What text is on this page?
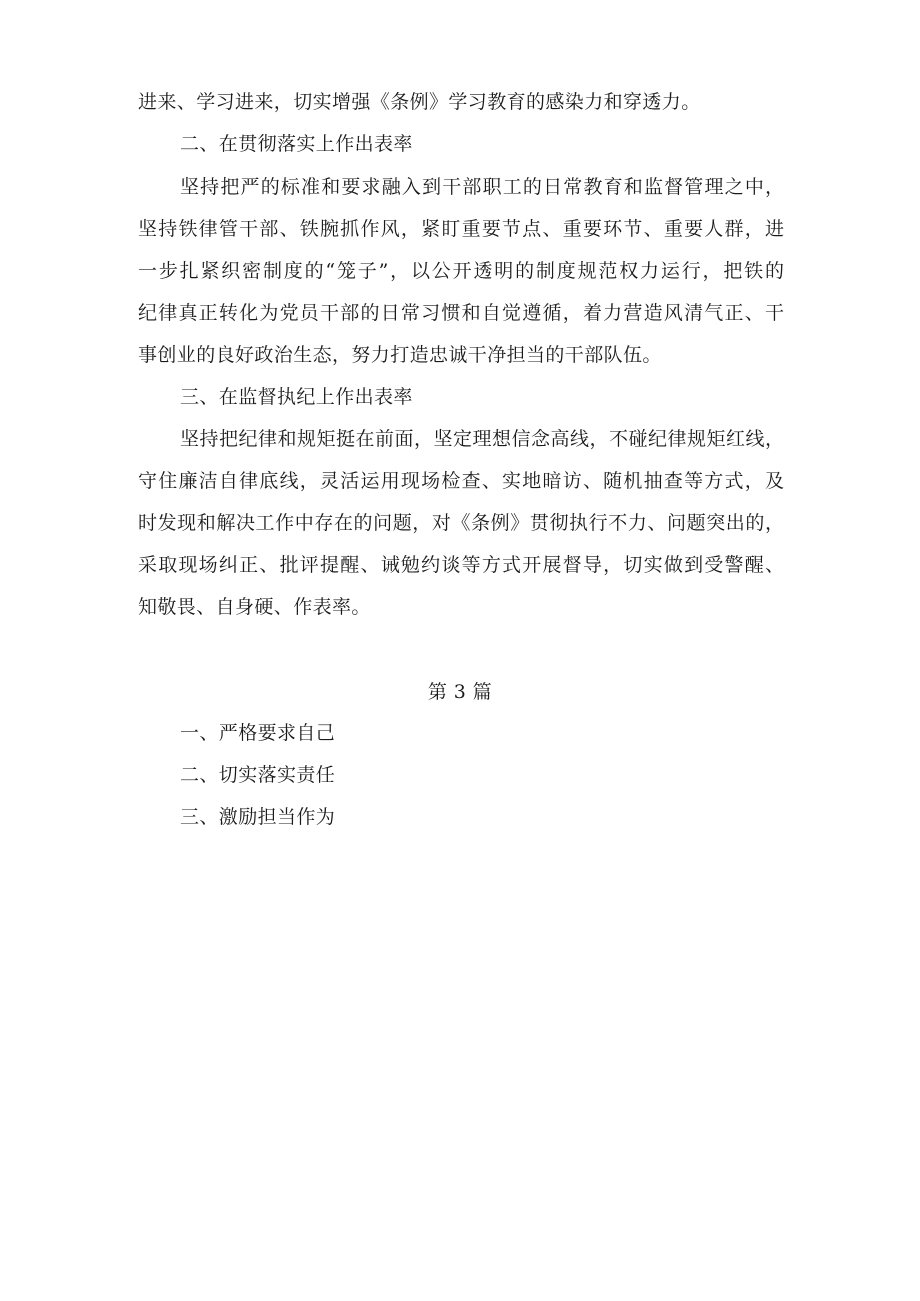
进来、学习进来，切实增强《条例》学习教育的感染力和穿透力。
二、在贯彻落实上作出表率
坚持把严的标准和要求融入到干部职工的日常教育和监督管理之中，
坚持铁律管干部、铁腕抓作风，紧盯重要节点、重要环节、重要人群，进
一步扎紧织密制度的“笼子”，以公开透明的制度规范权力运行，把铁的
纪律真正转化为党员干部的日常习惯和自觉遵循，着力营造风清气正、干
事创业的良好政治生态，努力打造忠诚干净担当的干部队伍。
三、在监督执纪上作出表率
坚持把纪律和规矩挺在前面，坚定理想信念高线，不碰纪律规矩红线，
守住廉洁自律底线，灵活运用现场检查、实地暗访、随机抽查等方式，及
时发现和解决工作中存在的问题，对《条例》贯彻执行不力、问题突出的，
采取现场纠正、批评提醒、诫勉约谈等方式开展督导，切实做到受警醒、
知敬畏、自身硬、作表率。
第 3 篇
一、严格要求自己
二、切实落实责任
三、激励担当作为
